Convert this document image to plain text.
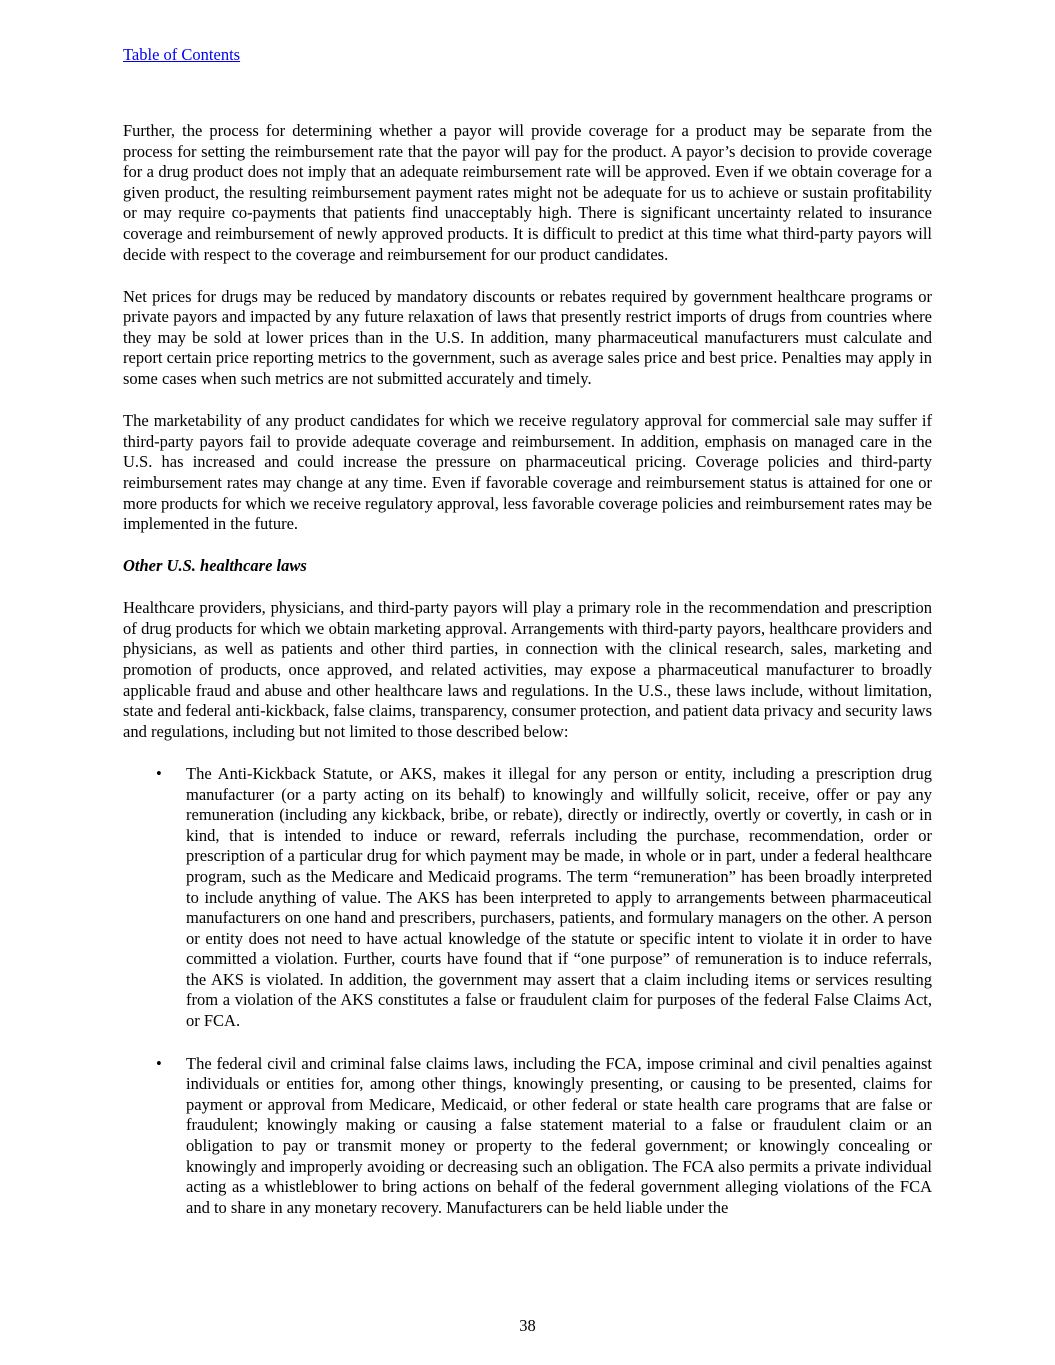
Table of Contents

Further, the process for determining whether a payor will provide coverage for a product may be separate from the process for setting the reimbursement rate that the payor will pay for the product. A payor’s decision to provide coverage for a drug product does not imply that an adequate reimbursement rate will be approved. Even if we obtain coverage for a given product, the resulting reimbursement payment rates might not be adequate for us to achieve or sustain profitability or may require co-payments that patients find unacceptably high. There is significant uncertainty related to insurance coverage and reimbursement of newly approved products. It is difficult to predict at this time what third-party payors will decide with respect to the coverage and reimbursement for our product candidates.

Net prices for drugs may be reduced by mandatory discounts or rebates required by government healthcare programs or private payors and impacted by any future relaxation of laws that presently restrict imports of drugs from countries where they may be sold at lower prices than in the U.S. In addition, many pharmaceutical manufacturers must calculate and report certain price reporting metrics to the government, such as average sales price and best price. Penalties may apply in some cases when such metrics are not submitted accurately and timely.

The marketability of any product candidates for which we receive regulatory approval for commercial sale may suffer if third-party payors fail to provide adequate coverage and reimbursement. In addition, emphasis on managed care in the U.S. has increased and could increase the pressure on pharmaceutical pricing. Coverage policies and third-party reimbursement rates may change at any time. Even if favorable coverage and reimbursement status is attained for one or more products for which we receive regulatory approval, less favorable coverage policies and reimbursement rates may be implemented in the future.

Other U.S. healthcare laws

Healthcare providers, physicians, and third-party payors will play a primary role in the recommendation and prescription of drug products for which we obtain marketing approval. Arrangements with third-party payors, healthcare providers and physicians, as well as patients and other third parties, in connection with the clinical research, sales, marketing and promotion of products, once approved, and related activities, may expose a pharmaceutical manufacturer to broadly applicable fraud and abuse and other healthcare laws and regulations. In the U.S., these laws include, without limitation, state and federal anti-kickback, false claims, transparency, consumer protection, and patient data privacy and security laws and regulations, including but not limited to those described below:

• The Anti-Kickback Statute, or AKS, makes it illegal for any person or entity, including a prescription drug manufacturer (or a party acting on its behalf) to knowingly and willfully solicit, receive, offer or pay any remuneration (including any kickback, bribe, or rebate), directly or indirectly, overtly or covertly, in cash or in kind, that is intended to induce or reward, referrals including the purchase, recommendation, order or prescription of a particular drug for which payment may be made, in whole or in part, under a federal healthcare program, such as the Medicare and Medicaid programs. The term “remuneration” has been broadly interpreted to include anything of value. The AKS has been interpreted to apply to arrangements between pharmaceutical manufacturers on one hand and prescribers, purchasers, patients, and formulary managers on the other. A person or entity does not need to have actual knowledge of the statute or specific intent to violate it in order to have committed a violation. Further, courts have found that if “one purpose” of remuneration is to induce referrals, the AKS is violated. In addition, the government may assert that a claim including items or services resulting from a violation of the AKS constitutes a false or fraudulent claim for purposes of the federal False Claims Act, or FCA.
• The federal civil and criminal false claims laws, including the FCA, impose criminal and civil penalties against individuals or entities for, among other things, knowingly presenting, or causing to be presented, claims for payment or approval from Medicare, Medicaid, or other federal or state health care programs that are false or fraudulent; knowingly making or causing a false statement material to a false or fraudulent claim or an obligation to pay or transmit money or property to the federal government; or knowingly concealing or knowingly and improperly avoiding or decreasing such an obligation. The FCA also permits a private individual acting as a whistleblower to bring actions on behalf of the federal government alleging violations of the FCA and to share in any monetary recovery. Manufacturers can be held liable under the
38
